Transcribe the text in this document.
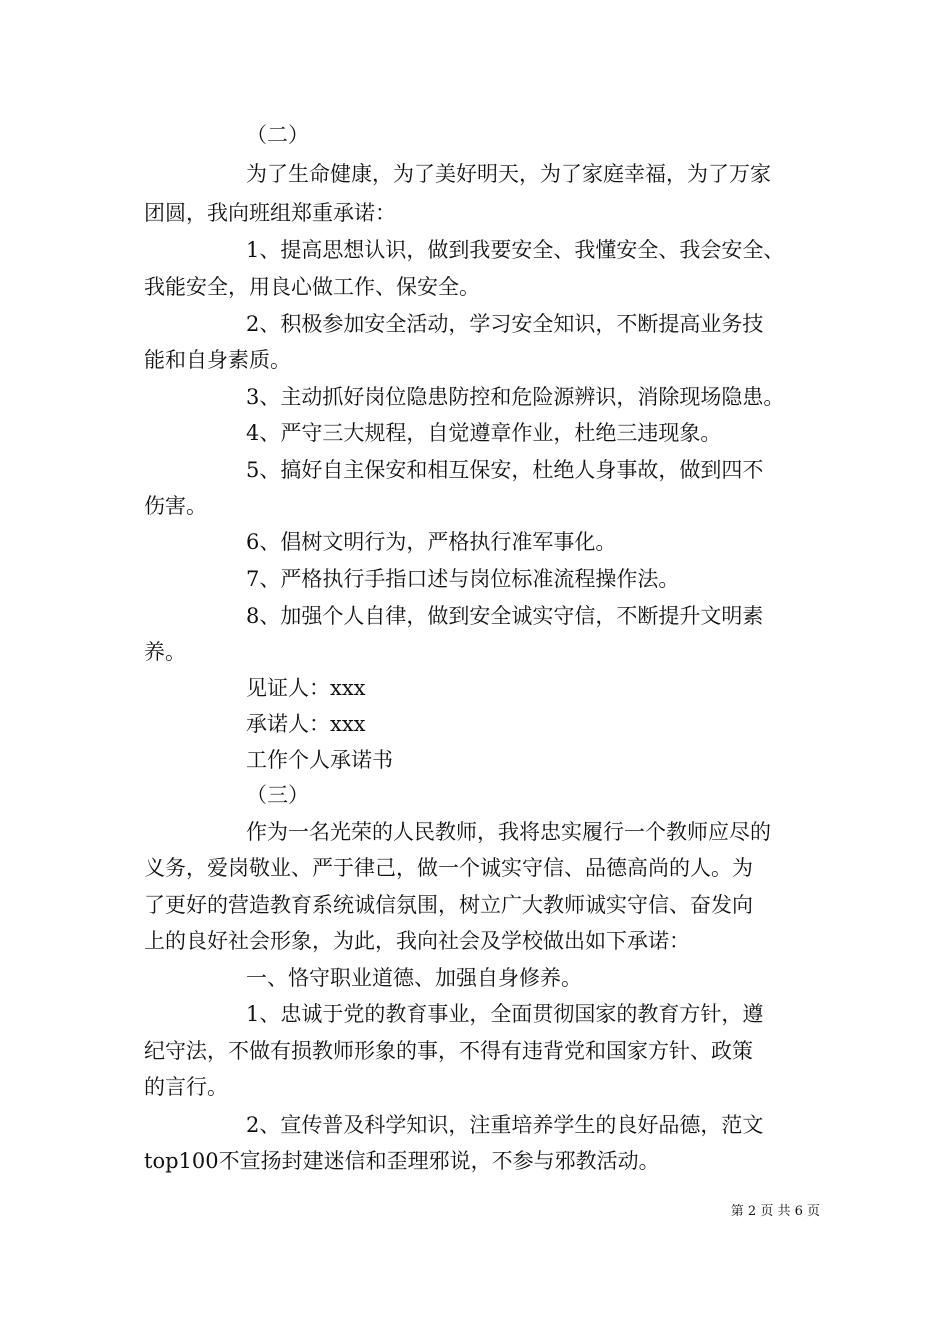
（二）
为了生命健康，为了美好明天，为了家庭幸福，为了万家
团圆，我向班组郑重承诺：
1、提高思想认识，做到我要安全、我懂安全、我会安全、
我能安全，用良心做工作、保安全。
2、积极参加安全活动，学习安全知识，不断提高业务技
能和自身素质。
3、主动抓好岗位隐患防控和危险源辨识，消除现场隐患。
4、严守三大规程，自觉遵章作业，杜绝三违现象。
5、搞好自主保安和相互保安，杜绝人身事故，做到四不
伤害。
6、倡树文明行为，严格执行准军事化。
7、严格执行手指口述与岗位标准流程操作法。
8、加强个人自律，做到安全诚实守信，不断提升文明素
养。
见证人：xxx
承诺人：xxx
工作个人承诺书
（三）
作为一名光荣的人民教师，我将忠实履行一个教师应尽的
义务，爱岗敬业、严于律己，做一个诚实守信、品德高尚的人。为
了更好的营造教育系统诚信氛围，树立广大教师诚实守信、奋发向
上的良好社会形象，为此，我向社会及学校做出如下承诺：
一、恪守职业道德、加强自身修养。
1、忠诚于党的教育事业，全面贯彻国家的教育方针，遵
纪守法，不做有损教师形象的事，不得有违背党和国家方针、政策
的言行。
2、宣传普及科学知识，注重培养学生的良好品德，范文
top100不宣扬封建迷信和歪理邪说，不参与邪教活动。
第 2 页 共 6 页
